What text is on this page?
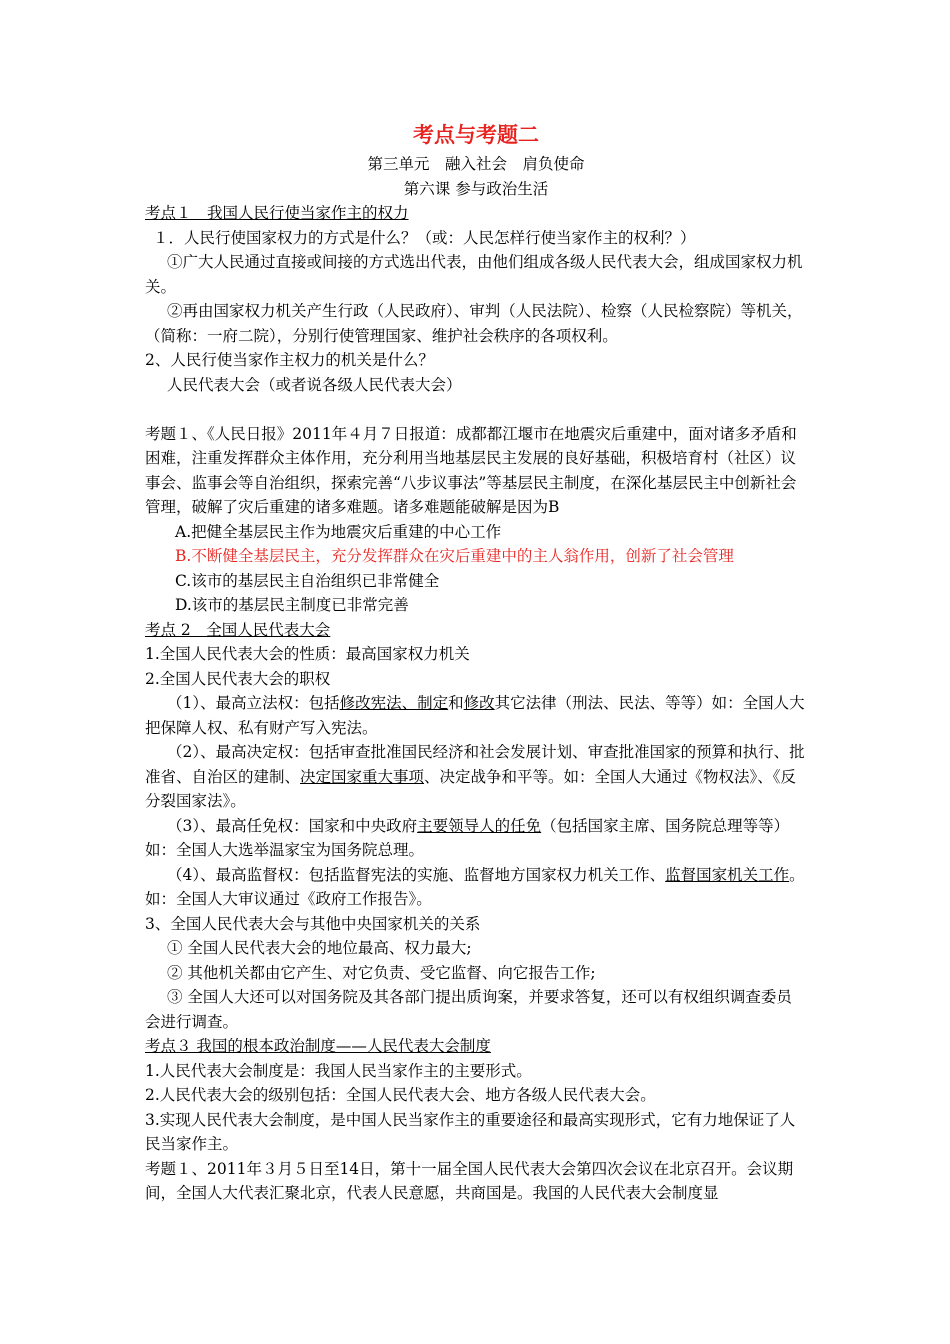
考点与考题二

第三单元　融入社会　肩负使命

第六课 参与政治生活

考点１　我国人民行使当家作主的权力

１．人民行使国家权力的方式是什么？（或：人民怎样行使当家作主的权利？）

①广大人民通过直接或间接的方式选出代表，由他们组成各级人民代表大会，组成国家权力机关。

②再由国家权力机关产生行政（人民政府）、审判（人民法院）、检察（人民检察院）等机关，（简称：一府二院），分别行使管理国家、维护社会秩序的各项权利。

2、人民行使当家作主权力的机关是什么？

人民代表大会（或者说各级人民代表大会）

考题１、《人民日报》2011年４月７日报道：成都都江堰市在地震灾后重建中，面对诸多矛盾和困难，注重发挥群众主体作用，充分利用当地基层民主发展的良好基础，积极培育村（社区）议事会、监事会等自治组织，探索完善“八步议事法”等基层民主制度，在深化基层民主中创新社会管理，破解了灾后重建的诸多难题。诸多难题能破解是因为B

A.把健全基层民主作为地震灾后重建的中心工作

B.不断健全基层民主，充分发挥群众在灾后重建中的主人翁作用，创新了社会管理

C.该市的基层民主自治组织已非常健全

D.该市的基层民主制度已非常完善

考点 2　全国人民代表大会

1.全国人民代表大会的性质：最高国家权力机关

2.全国人民代表大会的职权

（1）、最高立法权：包括修改宪法、制定和修改其它法律（刑法、民法、等等）如：全国人大把保障人权、私有财产写入宪法。

（2）、最高决定权：包括审查批准国民经济和社会发展计划、审查批准国家的预算和执行、批准省、自治区的建制、决定国家重大事项、决定战争和平等。如：全国人大通过《物权法》、《反分裂国家法》。

（3）、最高任免权：国家和中央政府主要领导人的任免（包括国家主席、国务院总理等等）　如：全国人大选举温家宝为国务院总理。

（4）、最高监督权：包括监督宪法的实施、监督地方国家权力机关工作、监督国家机关工作。如：全国人大审议通过《政府工作报告》。

3、全国人民代表大会与其他中央国家机关的关系

① 全国人民代表大会的地位最高、权力最大;

② 其他机关都由它产生、对它负责、受它监督、向它报告工作;

③ 全国人大还可以对国务院及其各部门提出质询案，并要求答复，还可以有权组织调查委员会进行调查。

考点３ 我国的根本政治制度——人民代表大会制度

1.人民代表大会制度是：我国人民当家作主的主要形式。

2.人民代表大会的级别包括：全国人民代表大会、地方各级人民代表大会。

3.实现人民代表大会制度，是中国人民当家作主的重要途径和最高实现形式，它有力地保证了人民当家作主。

考题１、2011年３月５日至14日，第十一届全国人民代表大会第四次会议在北京召开。会议期间，全国人大代表汇聚北京，代表人民意愿，共商国是。我国的人民代表大会制度显
